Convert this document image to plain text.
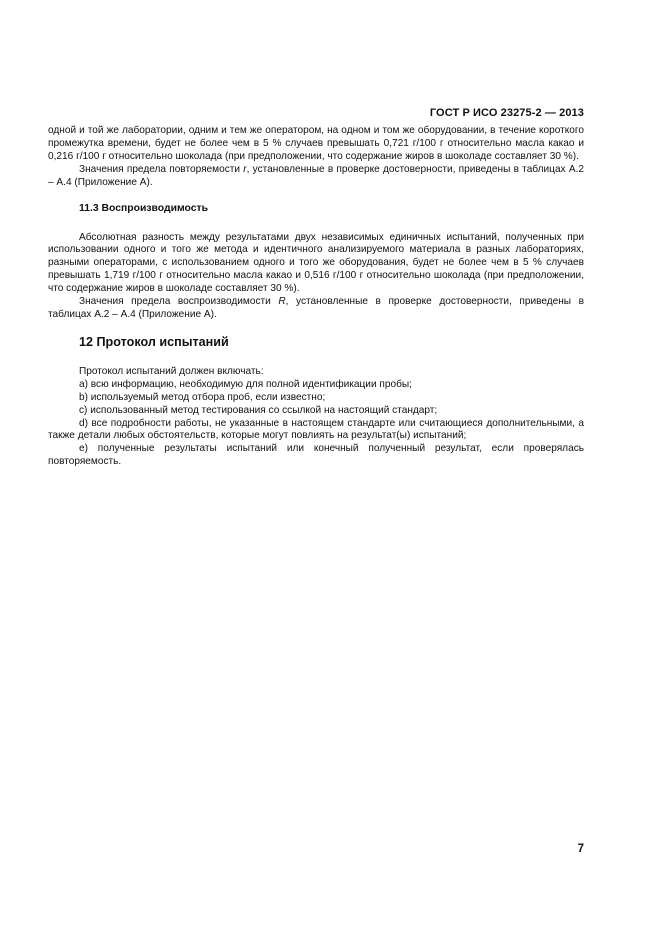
ГОСТ Р ИСО 23275-2 — 2013

одной и той же лаборатории, одним и тем же оператором, на одном и том же оборудовании, в течение короткого промежутка времени, будет не более чем в 5 % случаев превышать 0,721 г/100 г относительно масла какао и 0,216 г/100 г относительно шоколада (при предположении, что содержание жиров в шоколаде составляет 30 %).

Значения предела повторяемости r, установленные в проверке достоверности, приведены в таблицах А.2 – А.4 (Приложение А).

11.3 Воспроизводимость

Абсолютная разность между результатами двух независимых единичных испытаний, полученных при использовании одного и того же метода и идентичного анализируемого материала в разных лабораториях, разными операторами, с использованием одного и того же оборудования, будет не более чем в 5 % случаев превышать 1,719 г/100 г относительно масла какао и 0,516 г/100 г относительно шоколада (при предположении, что содержание жиров в шоколаде составляет 30 %).

Значения предела воспроизводимости R, установленные в проверке достоверности, приведены в таблицах А.2 – А.4 (Приложение А).

12 Протокол испытаний

Протокол испытаний должен включать:

a) всю информацию, необходимую для полной идентификации пробы;

b) используемый метод отбора проб, если известно;

c) использованный метод тестирования со ссылкой на настоящий стандарт;

d) все подробности работы, не указанные в настоящем стандарте или считающиеся дополнительными, а также детали любых обстоятельств, которые могут повлиять на результат(ы) испытаний;

e) полученные результаты испытаний или конечный полученный результат, если проверялась повторяемость.

7
